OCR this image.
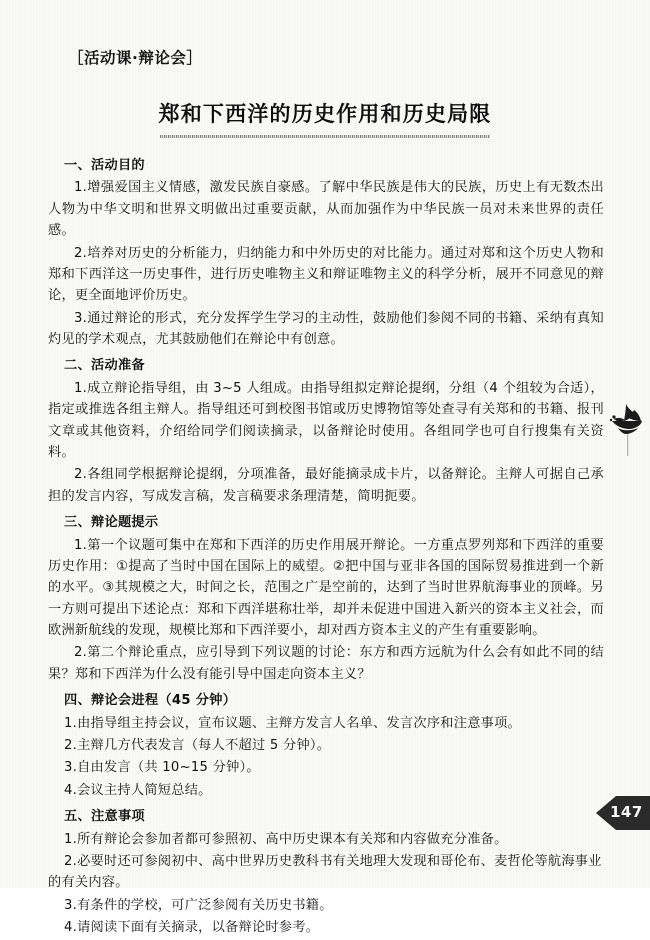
［活动课·辩论会］
郑和下西洋的历史作用和历史局限
一、活动目的

1.增强爱国主义情感，激发民族自豪感。了解中华民族是伟大的民族，历史上有无数杰出人物为中华文明和世界文明做出过重要贡献，从而加强作为中华民族一员对未来世界的责任感。

2.培养对历史的分析能力，归纳能力和中外历史的对比能力。通过对郑和这个历史人物和郑和下西洋这一历史事件，进行历史唯物主义和辩证唯物主义的科学分析，展开不同意见的辩论，更全面地评价历史。

3.通过辩论的形式，充分发挥学生学习的主动性，鼓励他们参阅不同的书籍、采纳有真知灼见的学术观点，尤其鼓励他们在辩论中有创意。

二、活动准备

1.成立辩论指导组，由 3~5 人组成。由指导组拟定辩论提纲，分组（4 个组较为合适），指定或推选各组主辩人。指导组还可到校图书馆或历史博物馆等处查寻有关郑和的书籍、报刊文章或其他资料，介绍给同学们阅读摘录，以备辩论时使用。各组同学也可自行搜集有关资料。

2.各组同学根据辩论提纲，分项准备，最好能摘录成卡片，以备辩论。主辩人可据自己承担的发言内容，写成发言稿，发言稿要求条理清楚，简明扼要。

三、辩论题提示

1.第一个议题可集中在郑和下西洋的历史作用展开辩论。一方重点罗列郑和下西洋的重要历史作用：①提高了当时中国在国际上的威望。②把中国与亚非各国的国际贸易推进到一个新的水平。③其规模之大，时间之长，范围之广是空前的，达到了当时世界航海事业的顶峰。另一方则可提出下述论点：郑和下西洋堪称壮举，却并未促进中国进入新兴的资本主义社会，而欧洲新航线的发现，规模比郑和下西洋要小，却对西方资本主义的产生有重要影响。

2.第二个辩论重点，应引导到下列议题的讨论：东方和西方远航为什么会有如此不同的结果？郑和下西洋为什么没有能引导中国走向资本主义？

四、辩论会进程（45 分钟）

1.由指导组主持会议，宣布议题、主辩方发言人名单、发言次序和注意事项。

2.主辩几方代表发言（每人不超过 5 分钟）。

3.自由发言（共 10~15 分钟）。

4.会议主持人简短总结。

五、注意事项

1.所有辩论会参加者都可参照初、高中历史课本有关郑和内容做充分准备。

2.必要时还可参阅初中、高中世界历史教科书有关地理大发现和哥伦布、麦哲伦等航海事业的有关内容。

3.有条件的学校，可广泛参阅有关历史书籍。

4.请阅读下面有关摘录，以备辩论时参考。

147
